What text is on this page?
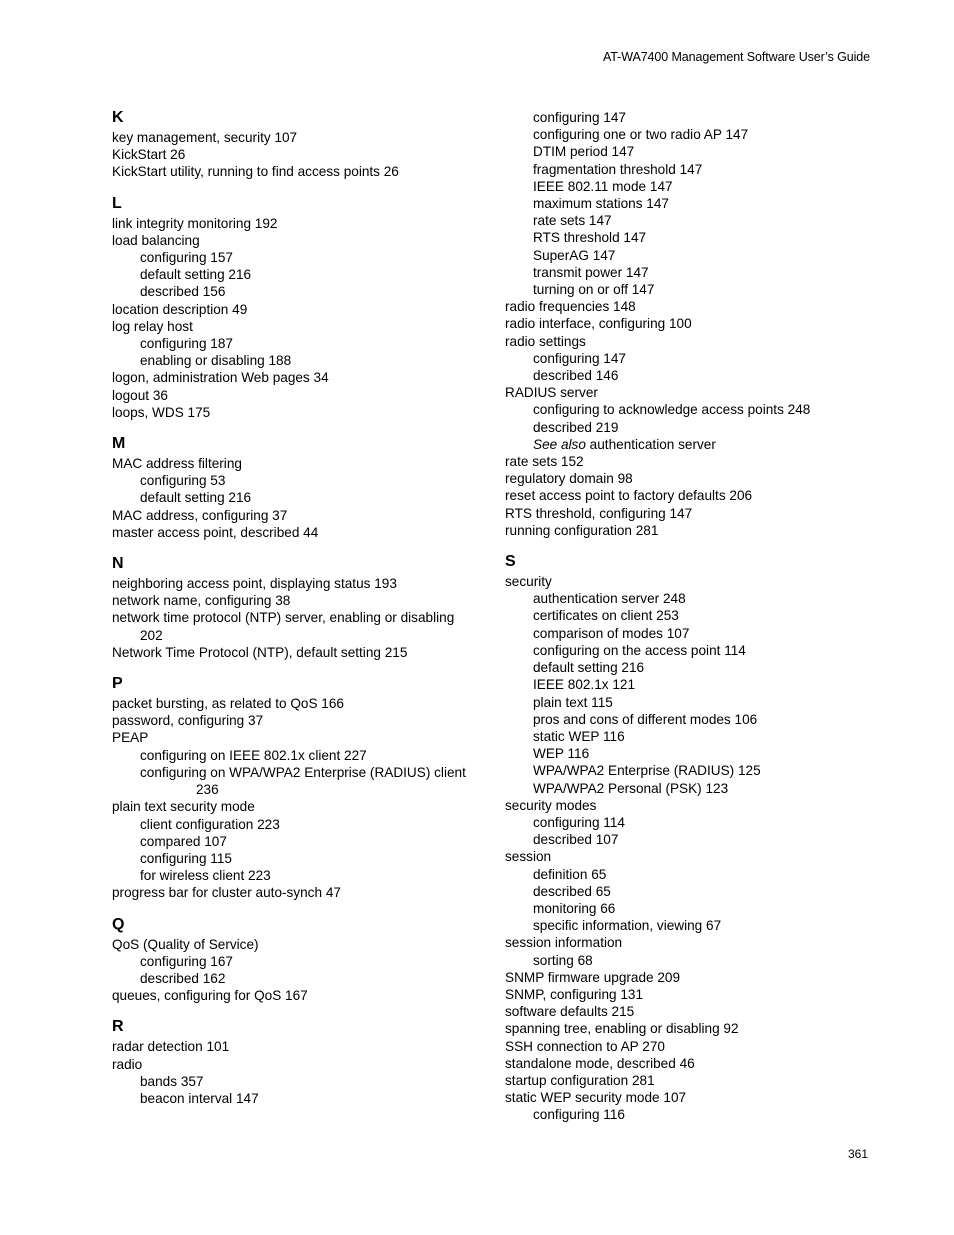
AT-WA7400 Management Software User’s Guide
K
key management, security 107
KickStart 26
KickStart utility, running to find access points 26
L
link integrity monitoring 192
load balancing
configuring 157
default setting 216
described 156
location description 49
log relay host
configuring 187
enabling or disabling 188
logon, administration Web pages 34
logout 36
loops, WDS 175
M
MAC address filtering
configuring 53
default setting 216
MAC address, configuring 37
master access point, described 44
N
neighboring access point, displaying status 193
network name, configuring 38
network time protocol (NTP) server, enabling or disabling
202
Network Time Protocol (NTP), default setting 215
P
packet bursting, as related to QoS 166
password, configuring 37
PEAP
configuring on IEEE 802.1x client 227
configuring on WPA/WPA2 Enterprise (RADIUS) client
236
plain text security mode
client configuration 223
compared 107
configuring 115
for wireless client 223
progress bar for cluster auto-synch 47
Q
QoS (Quality of Service)
configuring 167
described 162
queues, configuring for QoS 167
R
radar detection 101
radio
bands 357
beacon interval 147
configuring 147
configuring one or two radio AP 147
DTIM period 147
fragmentation threshold 147
IEEE 802.11 mode 147
maximum stations 147
rate sets 147
RTS threshold 147
SuperAG 147
transmit power 147
turning on or off 147
radio frequencies 148
radio interface, configuring 100
radio settings
configuring 147
described 146
RADIUS server
configuring to acknowledge access points 248
described 219
See also authentication server
rate sets 152
regulatory domain 98
reset access point to factory defaults 206
RTS threshold, configuring 147
running configuration 281
S
security
authentication server 248
certificates on client 253
comparison of modes 107
configuring on the access point 114
default setting 216
IEEE 802.1x 121
plain text 115
pros and cons of different modes 106
static WEP 116
WEP 116
WPA/WPA2 Enterprise (RADIUS) 125
WPA/WPA2 Personal (PSK) 123
security modes
configuring 114
described 107
session
definition 65
described 65
monitoring 66
specific information, viewing 67
session information
sorting 68
SNMP firmware upgrade 209
SNMP, configuring 131
software defaults 215
spanning tree, enabling or disabling 92
SSH connection to AP 270
standalone mode, described 46
startup configuration 281
static WEP security mode 107
configuring 116
361
